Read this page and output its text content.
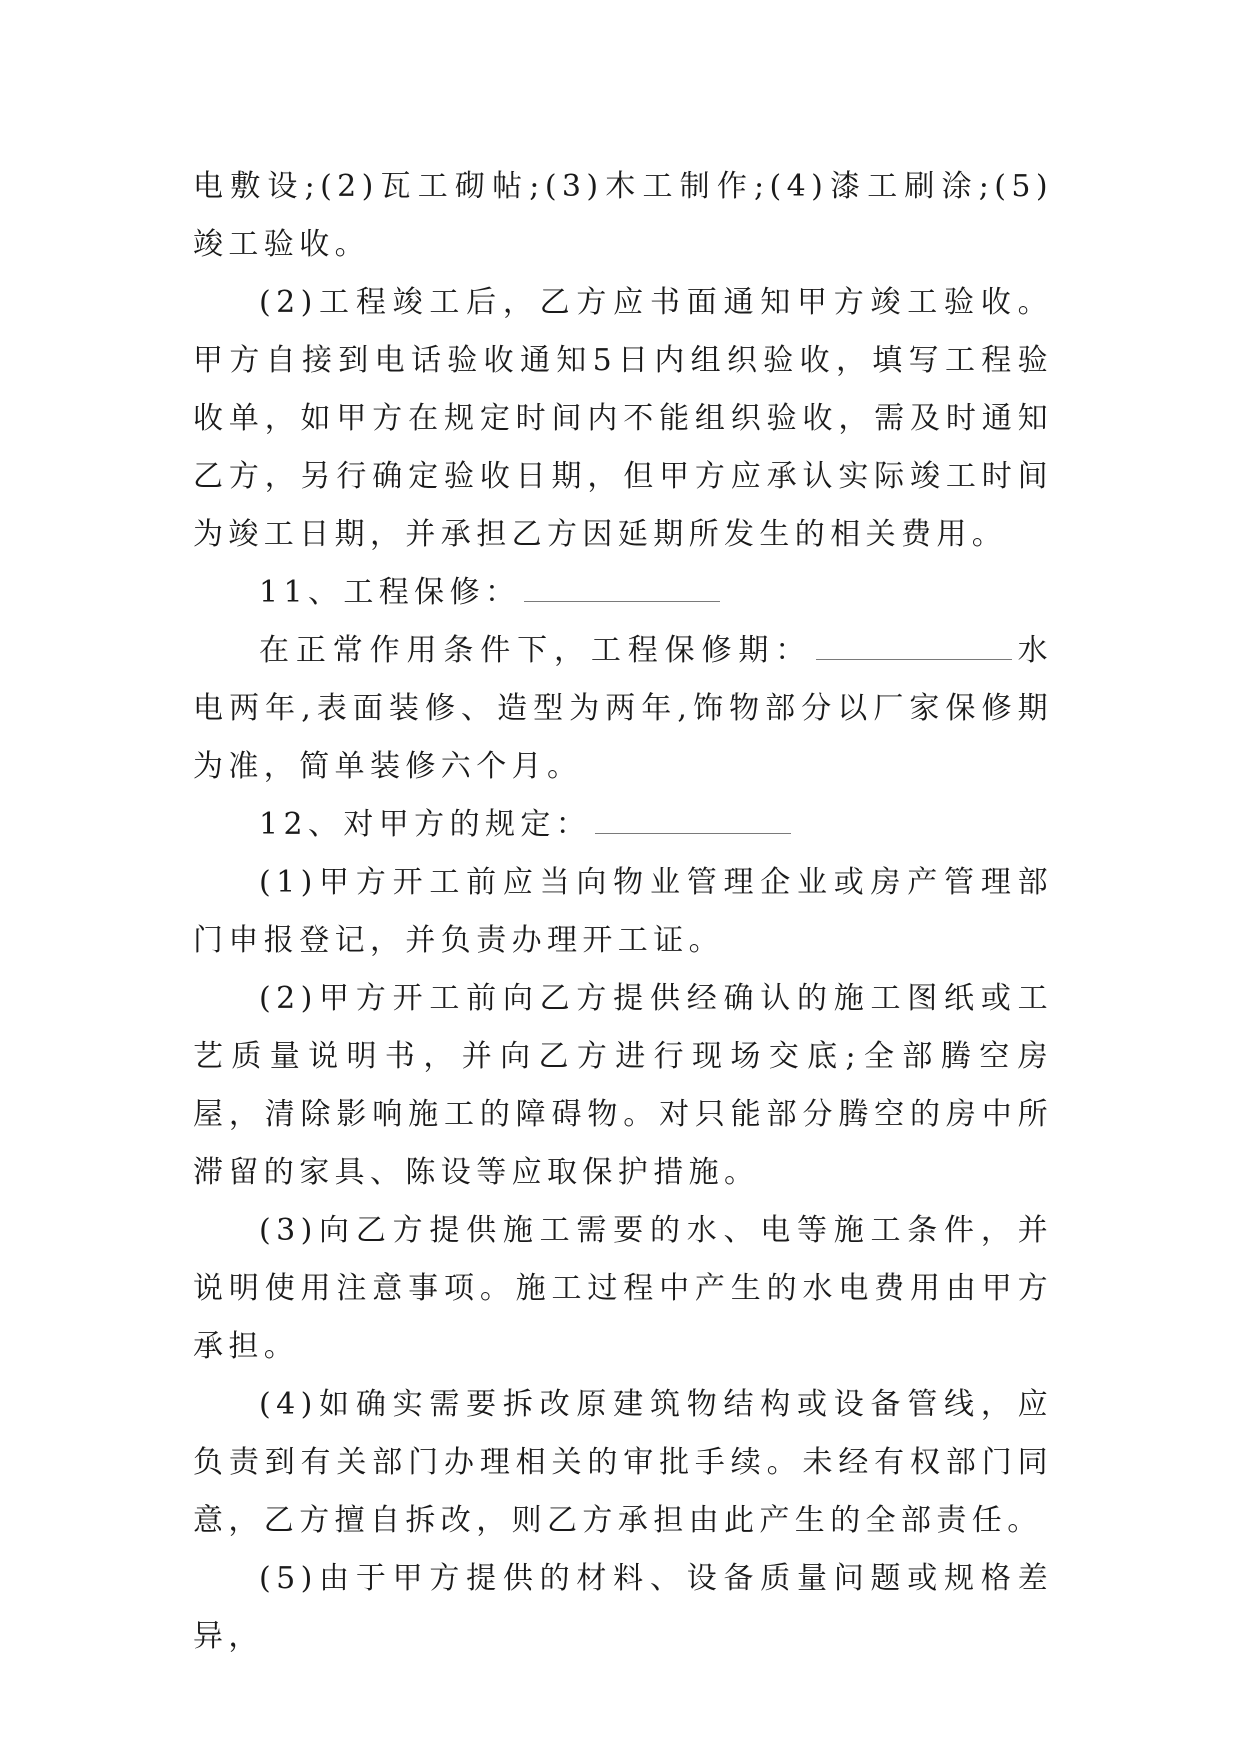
电敷设;(2)瓦工砌帖;(3)木工制作;(4)漆工刷涂;(5)竣工验收。

(2)工程竣工后，乙方应书面通知甲方竣工验收。甲方自接到电话验收通知5日内组织验收，填写工程验收单，如甲方在规定时间内不能组织验收，需及时通知乙方，另行确定验收日期，但甲方应承认实际竣工时间为竣工日期，并承担乙方因延期所发生的相关费用。

11、工程保修：

在正常作用条件下，工程保修期：	水电两年,表面装修、造型为两年,饰物部分以厂家保修期为准，简单装修六个月。

12、对甲方的规定：

(1)甲方开工前应当向物业管理企业或房产管理部门申报登记，并负责办理开工证。

(2)甲方开工前向乙方提供经确认的施工图纸或工艺质量说明书，并向乙方进行现场交底;全部腾空房屋，清除影响施工的障碍物。对只能部分腾空的房中所滞留的家具、陈设等应取保护措施。

(3)向乙方提供施工需要的水、电等施工条件，并说明使用注意事项。施工过程中产生的水电费用由甲方承担。

(4)如确实需要拆改原建筑物结构或设备管线，应负责到有关部门办理相关的审批手续。未经有权部门同意，乙方擅自拆改，则乙方承担由此产生的全部责任。

(5)由于甲方提供的材料、设备质量问题或规格差异，
